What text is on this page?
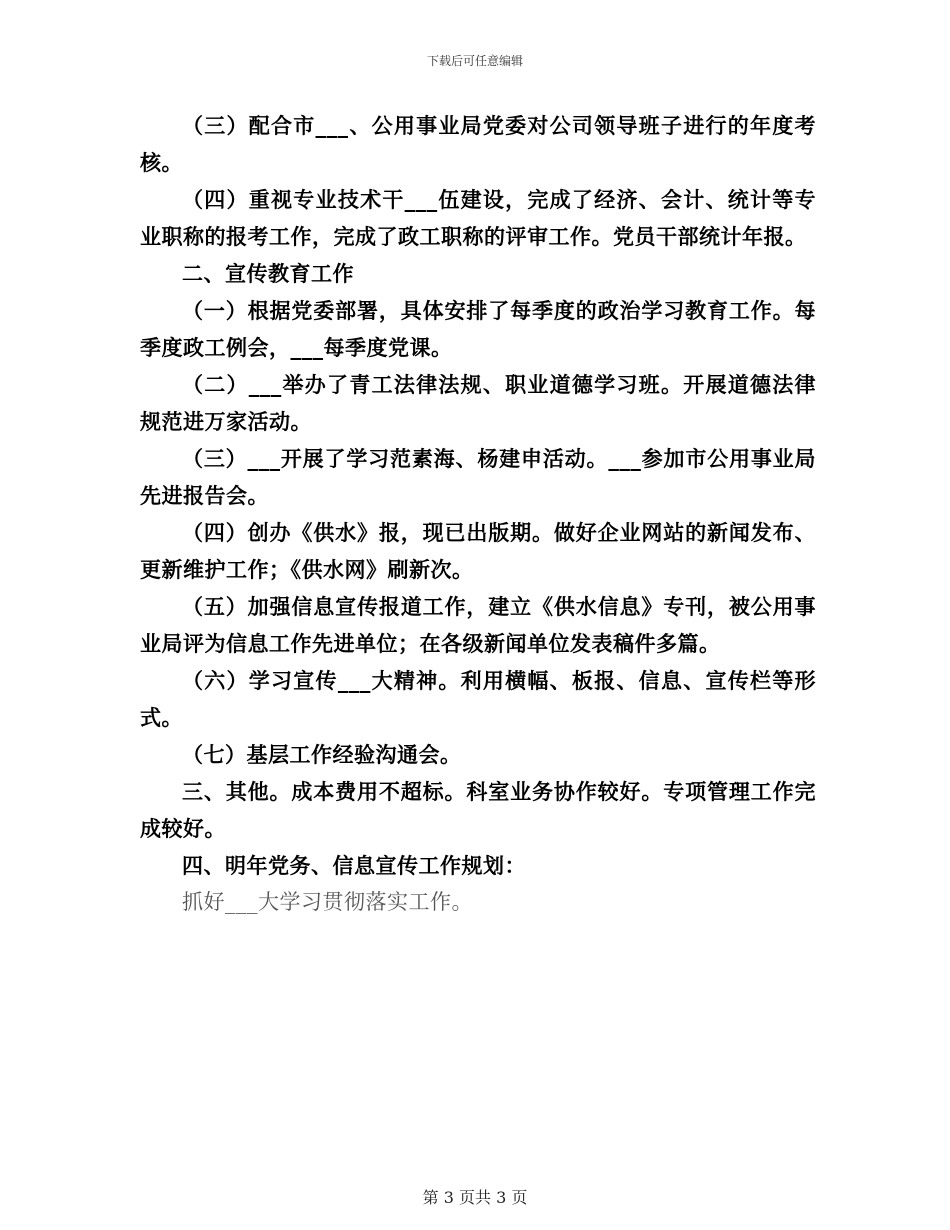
下载后可任意编辑

（三）配合市___、公用事业局党委对公司领导班子进行的年度考核。

（四）重视专业技术干___伍建设，完成了经济、会计、统计等专业职称的报考工作，完成了政工职称的评审工作。党员干部统计年报。

二、宣传教育工作

（一）根据党委部署，具体安排了每季度的政治学习教育工作。每季度政工例会，___每季度党课。

（二）___举办了青工法律法规、职业道德学习班。开展道德法律规范进万家活动。

（三）___开展了学习范素海、杨建申活动。___参加市公用事业局先进报告会。

（四）创办《供水》报，现已出版期。做好企业网站的新闻发布、更新维护工作；《供水网》刷新次。

（五）加强信息宣传报道工作，建立《供水信息》专刊，被公用事业局评为信息工作先进单位；在各级新闻单位发表稿件多篇。

（六）学习宣传___大精神。利用横幅、板报、信息、宣传栏等形式。

（七）基层工作经验沟通会。

三、其他。成本费用不超标。科室业务协作较好。专项管理工作完成较好。

四、明年党务、信息宣传工作规划：

抓好___大学习贯彻落实工作。

第 3 页共 3 页
